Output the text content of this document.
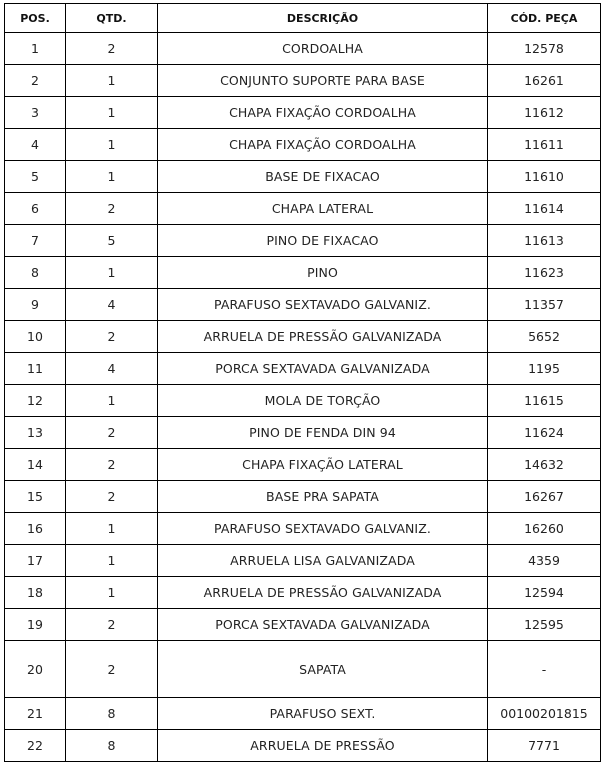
POS.	QTD.	DESCRIÇÃO	CÓD. PEÇA
1	2	CORDOALHA	12578
2	1	CONJUNTO SUPORTE PARA BASE	16261
3	1	CHAPA FIXAÇÃO CORDOALHA	11612
4	1	CHAPA FIXAÇÃO CORDOALHA	11611
5	1	BASE DE FIXACAO	11610
6	2	CHAPA LATERAL	11614
7	5	PINO DE FIXACAO	11613
8	1	PINO	11623
9	4	PARAFUSO SEXTAVADO GALVANIZ.	11357
10	2	ARRUELA DE PRESSÃO GALVANIZADA	5652
11	4	PORCA SEXTAVADA GALVANIZADA	1195
12	1	MOLA DE TORÇÃO	11615
13	2	PINO DE FENDA DIN 94	11624
14	2	CHAPA FIXAÇÃO LATERAL	14632
15	2	BASE PRA SAPATA	16267
16	1	PARAFUSO SEXTAVADO GALVANIZ.	16260
17	1	ARRUELA LISA GALVANIZADA	4359
18	1	ARRUELA DE PRESSÃO GALVANIZADA	12594
19	2	PORCA SEXTAVADA GALVANIZADA	12595
20	2	SAPATA	-
21	8	PARAFUSO SEXT.	00100201815
22	8	ARRUELA DE PRESSÃO	7771
